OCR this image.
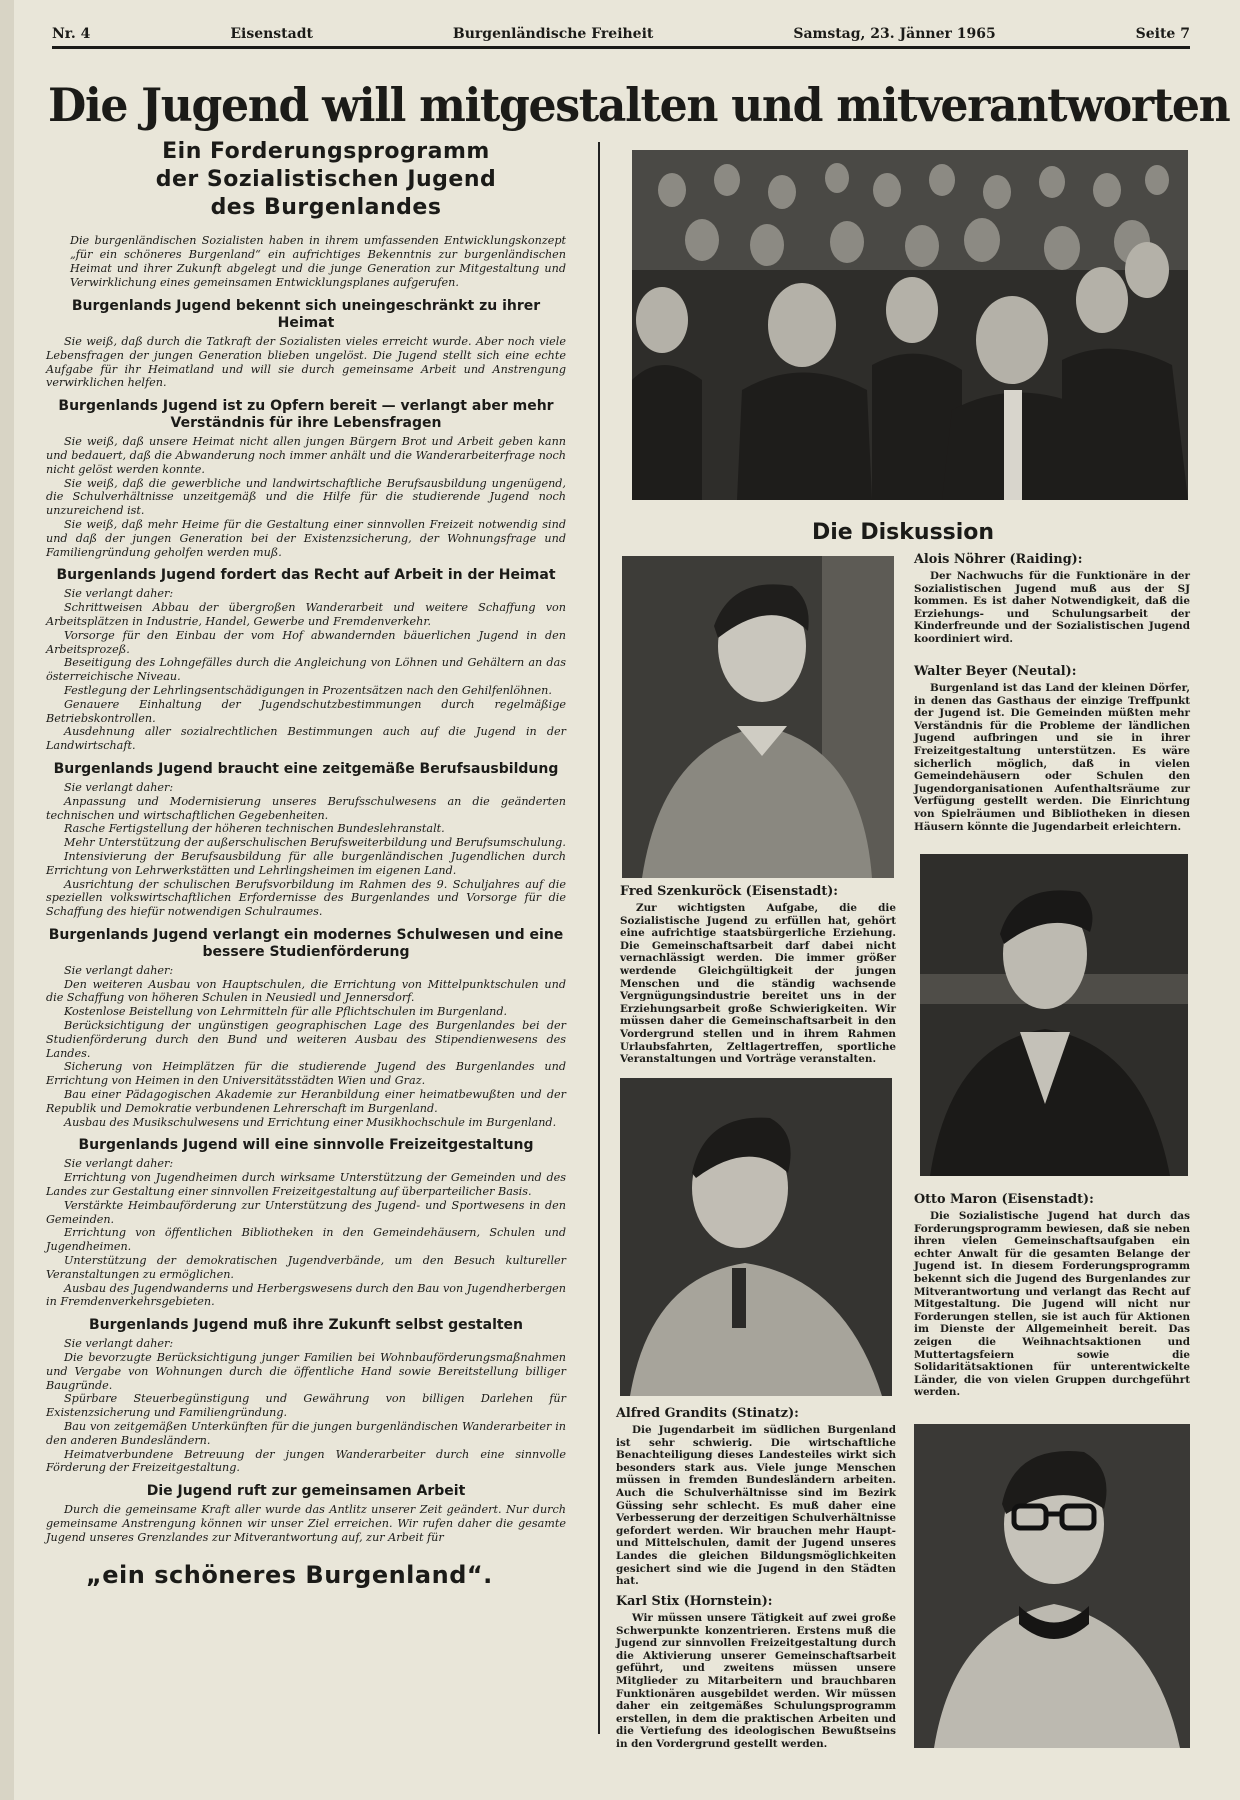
Nr. 4	Eisenstadt	Burgenländische Freiheit	Samstag, 23. Jänner 1965	Seite 7
Die Jugend will mitgestalten und mitverantworten
Ein Forderungsprogramm
der Sozialistischen Jugend
des Burgenlandes
Die burgenländischen Sozialisten haben in ihrem umfassenden Entwicklungskonzept „für ein schöneres Burgenland“ ein aufrichtiges Bekenntnis zur burgenländischen Heimat und ihrer Zukunft abgelegt und die junge Generation zur Mitgestaltung und Verwirklichung eines gemeinsamen Entwicklungsplanes aufgerufen.
Burgenlands Jugend bekennt sich uneingeschränkt zu ihrer Heimat
Sie weiß, daß durch die Tatkraft der Sozialisten vieles erreicht wurde. Aber noch viele Lebensfragen der jungen Generation blieben ungelöst. Die Jugend stellt sich eine echte Aufgabe für ihr Heimatland und will sie durch gemeinsame Arbeit und Anstrengung verwirklichen helfen.
Burgenlands Jugend ist zu Opfern bereit — verlangt aber mehr Verständnis für ihre Lebensfragen
Sie weiß, daß unsere Heimat nicht allen jungen Bürgern Brot und Arbeit geben kann und bedauert, daß die Abwanderung noch immer anhält und die Wanderarbeiterfrage noch nicht gelöst werden konnte.
Sie weiß, daß die gewerbliche und landwirtschaftliche Berufsausbildung ungenügend, die Schulverhältnisse unzeitgemäß und die Hilfe für die studierende Jugend noch unzureichend ist.
Sie weiß, daß mehr Heime für die Gestaltung einer sinnvollen Freizeit notwendig sind und daß der jungen Generation bei der Existenzsicherung, der Wohnungsfrage und Familiengründung geholfen werden muß.
Burgenlands Jugend fordert das Recht auf Arbeit in der Heimat
Sie verlangt daher:
Schrittweisen Abbau der übergroßen Wanderarbeit und weitere Schaffung von Arbeitsplätzen in Industrie, Handel, Gewerbe und Fremdenverkehr.
Vorsorge für den Einbau der vom Hof abwandernden bäuerlichen Jugend in den Arbeitsprozeß.
Beseitigung des Lohngefälles durch die Angleichung von Löhnen und Gehältern an das österreichische Niveau.
Festlegung der Lehrlingsentschädigungen in Prozentsätzen nach den Gehilfenlöhnen.
Genauere Einhaltung der Jugendschutzbestimmungen durch regelmäßige Betriebskontrollen.
Ausdehnung aller sozialrechtlichen Bestimmungen auch auf die Jugend in der Landwirtschaft.
Burgenlands Jugend braucht eine zeitgemäße Berufsausbildung
Sie verlangt daher:
Anpassung und Modernisierung unseres Berufsschulwesens an die geänderten technischen und wirtschaftlichen Gegebenheiten.
Rasche Fertigstellung der höheren technischen Bundeslehranstalt.
Mehr Unterstützung der außerschulischen Berufsweiterbildung und Berufsumschulung.
Intensivierung der Berufsausbildung für alle burgenländischen Jugendlichen durch Errichtung von Lehrwerkstätten und Lehrlingsheimen im eigenen Land.
Ausrichtung der schulischen Berufsvorbildung im Rahmen des 9. Schuljahres auf die speziellen volkswirtschaftlichen Erfordernisse des Burgenlandes und Vorsorge für die Schaffung des hiefür notwendigen Schulraumes.
Burgenlands Jugend verlangt ein modernes Schulwesen und eine bessere Studienförderung
Sie verlangt daher:
Den weiteren Ausbau von Hauptschulen, die Errichtung von Mittelpunktschulen und die Schaffung von höheren Schulen in Neusiedl und Jennersdorf.
Kostenlose Beistellung von Lehrmitteln für alle Pflichtschulen im Burgenland.
Berücksichtigung der ungünstigen geographischen Lage des Burgenlandes bei der Studienförderung durch den Bund und weiteren Ausbau des Stipendienwesens des Landes.
Sicherung von Heimplätzen für die studierende Jugend des Burgenlandes und Errichtung von Heimen in den Universitätsstädten Wien und Graz.
Bau einer Pädagogischen Akademie zur Heranbildung einer heimatbewußten und der Republik und Demokratie verbundenen Lehrerschaft im Burgenland.
Ausbau des Musikschulwesens und Errichtung einer Musikhochschule im Burgenland.
Burgenlands Jugend will eine sinnvolle Freizeitgestaltung
Sie verlangt daher:
Errichtung von Jugendheimen durch wirksame Unterstützung der Gemeinden und des Landes zur Gestaltung einer sinnvollen Freizeitgestaltung auf überparteilicher Basis.
Verstärkte Heimbauförderung zur Unterstützung des Jugend- und Sportwesens in den Gemeinden.
Errichtung von öffentlichen Bibliotheken in den Gemeindehäusern, Schulen und Jugendheimen.
Unterstützung der demokratischen Jugendverbände, um den Besuch kultureller Veranstaltungen zu ermöglichen.
Ausbau des Jugendwanderns und Herbergswesens durch den Bau von Jugendherbergen in Fremdenverkehrsgebieten.
Burgenlands Jugend muß ihre Zukunft selbst gestalten
Sie verlangt daher:
Die bevorzugte Berücksichtigung junger Familien bei Wohnbauförderungsmaßnahmen und Vergabe von Wohnungen durch die öffentliche Hand sowie Bereitstellung billiger Baugründe.
Spürbare Steuerbegünstigung und Gewährung von billigen Darlehen für Existenzsicherung und Familiengründung.
Bau von zeitgemäßen Unterkünften für die jungen burgenländischen Wanderarbeiter in den anderen Bundesländern.
Heimatverbundene Betreuung der jungen Wanderarbeiter durch eine sinnvolle Förderung der Freizeitgestaltung.
Die Jugend ruft zur gemeinsamen Arbeit
Durch die gemeinsame Kraft aller wurde das Antlitz unserer Zeit geändert. Nur durch gemeinsame Anstrengung können wir unser Ziel erreichen. Wir rufen daher die gesamte Jugend unseres Grenzlandes zur Mitverantwortung auf, zur Arbeit für
„ein schöneres Burgenland“.
Die Diskussion
Alois Nöhrer (Raiding):
Der Nachwuchs für die Funktionäre in der Sozialistischen Jugend muß aus der SJ kommen. Es ist daher Notwendigkeit, daß die Erziehungs- und Schulungsarbeit der Kinderfreunde und der Sozialistischen Jugend koordiniert wird.
Walter Beyer (Neutal):
Burgenland ist das Land der kleinen Dörfer, in denen das Gasthaus der einzige Treffpunkt der Jugend ist. Die Gemeinden müßten mehr Verständnis für die Probleme der ländlichen Jugend aufbringen und sie in ihrer Freizeitgestaltung unterstützen. Es wäre sicherlich möglich, daß in vielen Gemeindehäusern oder Schulen den Jugendorganisationen Aufenthaltsräume zur Verfügung gestellt werden. Die Einrichtung von Spielräumen und Bibliotheken in diesen Häusern könnte die Jugendarbeit erleichtern.
Fred Szenkuröck (Eisenstadt):
Zur wichtigsten Aufgabe, die die Sozialistische Jugend zu erfüllen hat, gehört eine aufrichtige staatsbürgerliche Erziehung. Die Gemeinschaftsarbeit darf dabei nicht vernachlässigt werden. Die immer größer werdende Gleichgültigkeit der jungen Menschen und die ständig wachsende Vergnügungsindustrie bereitet uns in der Erziehungsarbeit große Schwierigkeiten. Wir müssen daher die Gemeinschaftsarbeit in den Vordergrund stellen und in ihrem Rahmen Urlaubsfahrten, Zeltlagertreffen, sportliche Veranstaltungen und Vorträge veranstalten.
Otto Maron (Eisenstadt):
Die Sozialistische Jugend hat durch das Forderungsprogramm bewiesen, daß sie neben ihren vielen Gemeinschaftsaufgaben ein echter Anwalt für die gesamten Belange der Jugend ist. In diesem Forderungsprogramm bekennt sich die Jugend des Burgenlandes zur Mitverantwortung und verlangt das Recht auf Mitgestaltung. Die Jugend will nicht nur Forderungen stellen, sie ist auch für Aktionen im Dienste der Allgemeinheit bereit. Das zeigen die Weihnachtsaktionen und Muttertagsfeiern sowie die Solidaritätsaktionen für unterentwickelte Länder, die von vielen Gruppen durchgeführt werden.
Alfred Grandits (Stinatz):
Die Jugendarbeit im südlichen Burgenland ist sehr schwierig. Die wirtschaftliche Benachteiligung dieses Landesteiles wirkt sich besonders stark aus. Viele junge Menschen müssen in fremden Bundesländern arbeiten. Auch die Schulverhältnisse sind im Bezirk Güssing sehr schlecht. Es muß daher eine Verbesserung der derzeitigen Schulverhältnisse gefordert werden. Wir brauchen mehr Haupt- und Mittelschulen, damit der Jugend unseres Landes die gleichen Bildungsmöglichkeiten gesichert sind wie die Jugend in den Städten hat.
Karl Stix (Hornstein):
Wir müssen unsere Tätigkeit auf zwei große Schwerpunkte konzentrieren. Erstens muß die Jugend zur sinnvollen Freizeitgestaltung durch die Aktivierung unserer Gemeinschaftsarbeit geführt, und zweitens müssen unsere Mitglieder zu Mitarbeitern und brauchbaren Funktionären ausgebildet werden. Wir müssen daher ein zeitgemäßes Schulungsprogramm erstellen, in dem die praktischen Arbeiten und die Vertiefung des ideologischen Bewußtseins in den Vordergrund gestellt werden.
